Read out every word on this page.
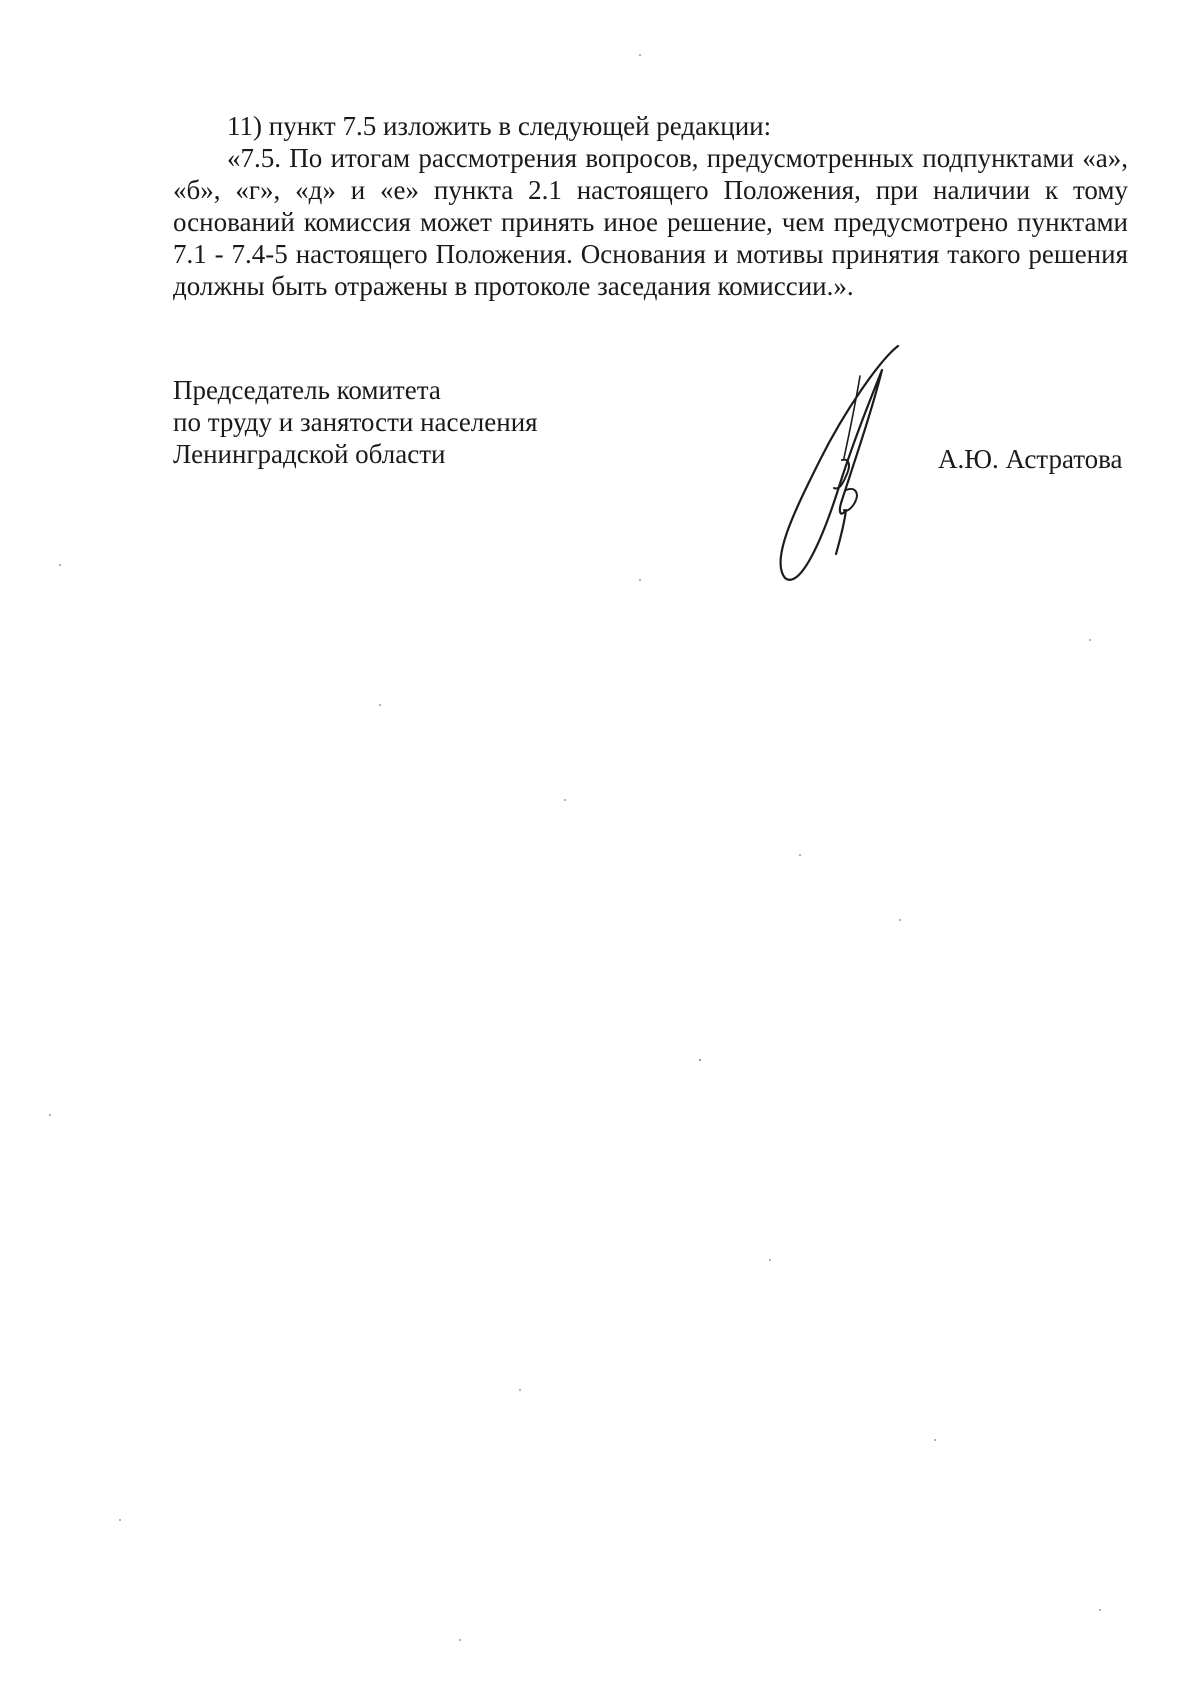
11) пункт 7.5 изложить в следующей редакции:

«7.5. По итогам рассмотрения вопросов, предусмотренных подпунктами «а», «б», «г», «д» и «е» пункта 2.1 настоящего Положения, при наличии к тому оснований комиссия может принять иное решение, чем предусмотрено пунктами 7.1 - 7.4-5 настоящего Положения. Основания и мотивы принятия такого решения должны быть отражены в протоколе заседания комиссии.».

Председатель комитета
по труду и занятости населения
Ленинградской области	А.Ю. Астратова
